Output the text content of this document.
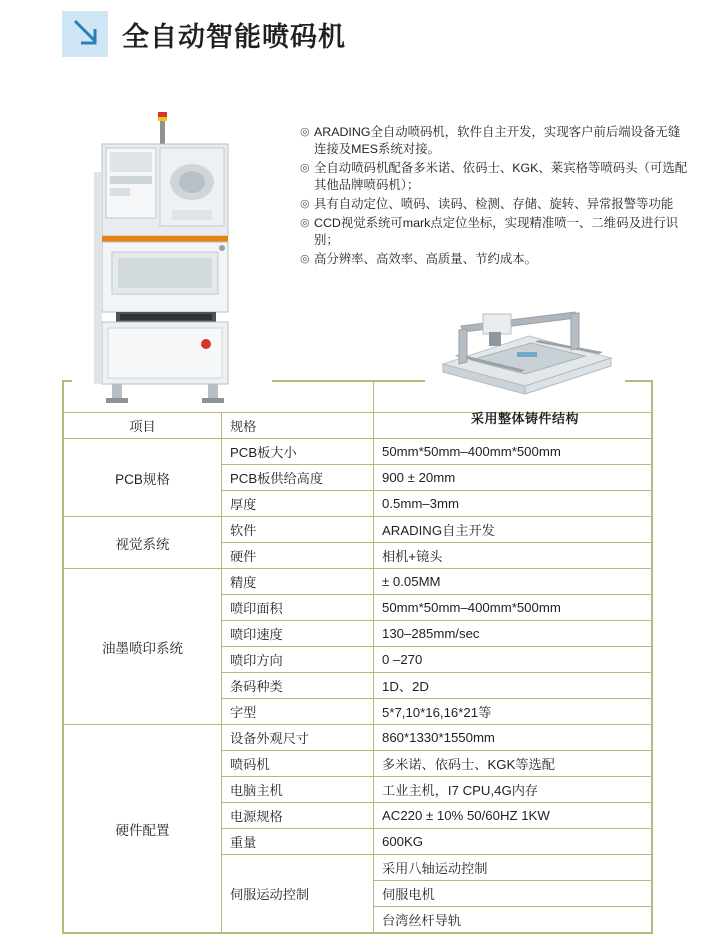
全自动智能喷码机
◎ ARADING全自动喷码机，软件自主开发，实现客户前后端设备无缝连接及MES系统对接。
◎ 全自动喷码机配备多米诺、依码士、KGK、莱宾格等喷码头（可选配其他品牌喷码机）；
◎ 具有自动定位、喷码、读码、检测、存储、旋转、异常报警等功能
◎ CCD视觉系统可mark点定位坐标，实现精准喷一、二维码及进行识别；
◎ 高分辨率、高效率、高质量、节约成本。
采用整体铸件结构

项目	规格	
PCB规格	PCB板大小	50mm*50mm–400mm*500mm
	PCB板供给高度	900 ± 20mm
	厚度	0.5mm–3mm
视觉系统	软件	ARADING自主开发
	硬件	相机+镜头
油墨喷印系统	精度	± 0.05MM
	喷印面积	50mm*50mm–400mm*500mm
	喷印速度	130–285mm/sec
	喷印方向	0 –270
	条码种类	1D、2D
	字型	5*7,10*16,16*21等
硬件配置	设备外观尺寸	860*1330*1550mm
	喷码机	多米诺、依码士、KGK等选配
	电脑主机	工业主机，I7 CPU,4G内存
	电源规格	AC220 ± 10% 50/60HZ 1KW
	重量	600KG
	伺服运动控制	采用八轴运动控制
		伺服电机
		台湾丝杆导轨
